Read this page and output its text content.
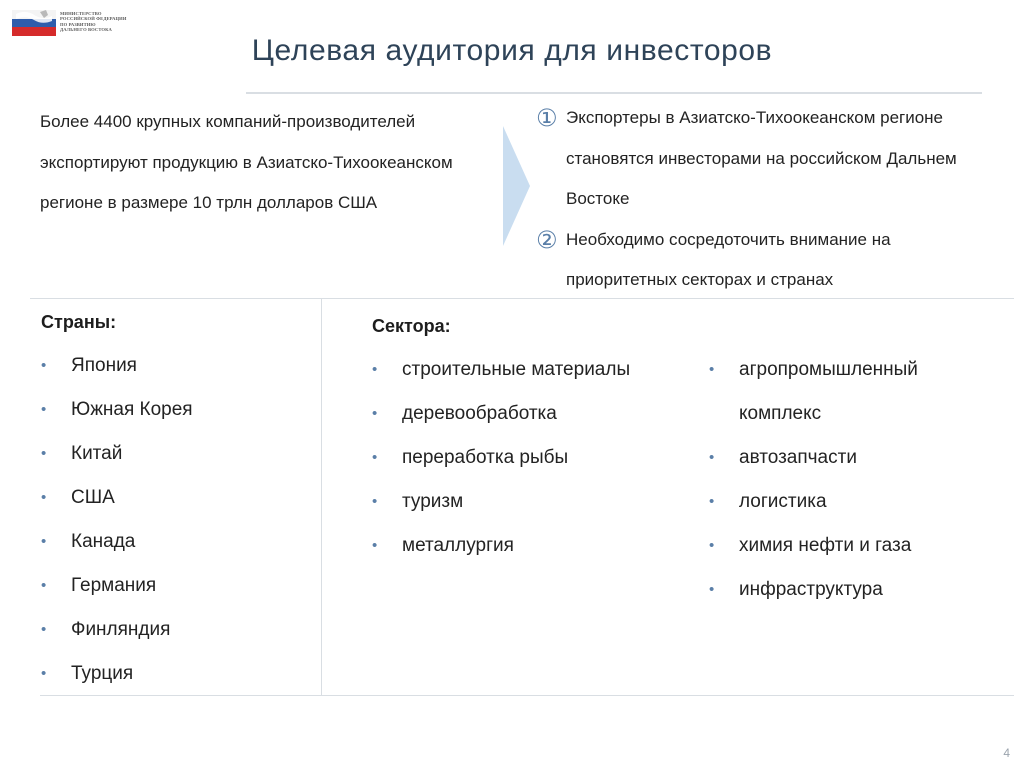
МИНИСТЕРСТВО
РОССИЙСКОЙ ФЕДЕРАЦИИ
ПО РАЗВИТИЮ
ДАЛЬНЕГО ВОСТОКА
Целевая аудитория для инвесторов
Более 4400 крупных компаний-производителей экспортируют продукцию в Азиатско-Тихоокеанском регионе в размере 10 трлн долларов США
① Экспортеры в Азиатско-Тихоокеанском регионе становятся инвесторами на российском Дальнем Востоке
② Необходимо сосредоточить внимание на приоритетных секторах и странах
Страны:
• Япония
• Южная Корея
• Китай
• США
• Канада
• Германия
• Финляндия
• Турция
Сектора:
• строительные материалы
• деревообработка
• переработка рыбы
• туризм
• металлургия
• агропромышленный комплекс
• автозапчасти
• логистика
• химия нефти и газа
• инфраструктура
4
